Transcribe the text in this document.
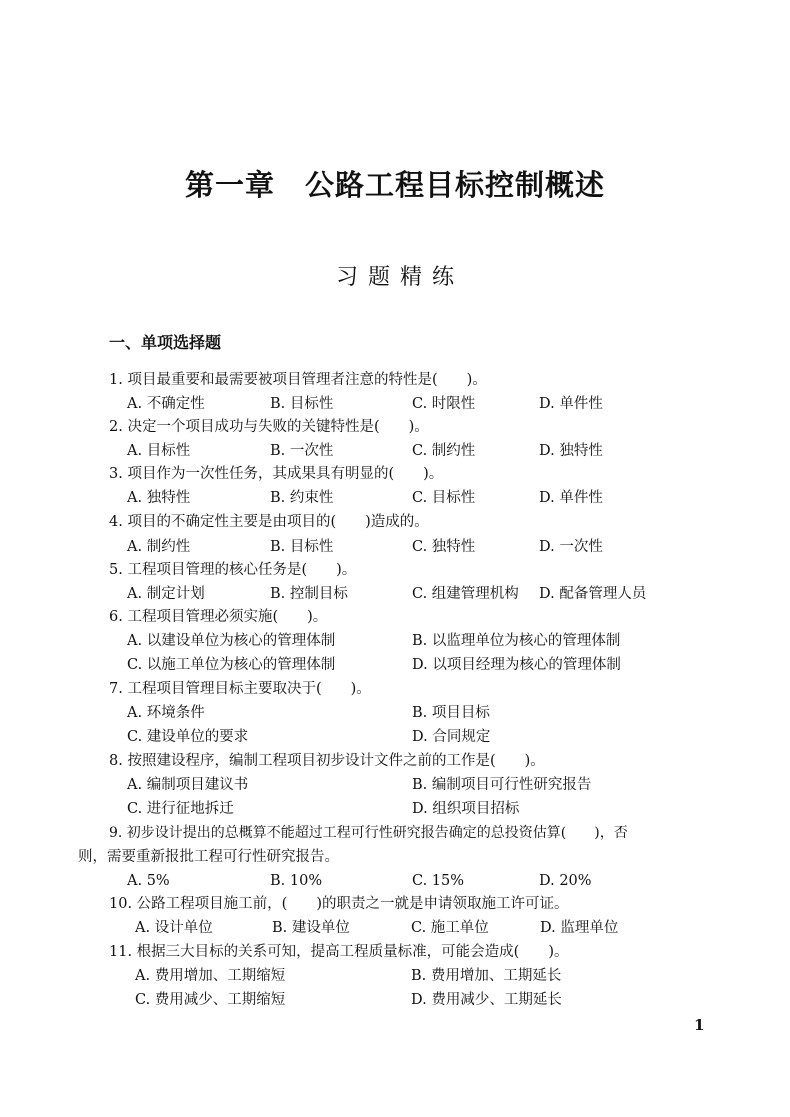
第一章　公路工程目标控制概述
习题精练
一、单项选择题
1. 项目最重要和最需要被项目管理者注意的特性是(　　)。
A. 不确定性	B. 目标性	C. 时限性	D. 单件性
2. 决定一个项目成功与失败的关键特性是(　　)。
A. 目标性	B. 一次性	C. 制约性	D. 独特性
3. 项目作为一次性任务，其成果具有明显的(　　)。
A. 独特性	B. 约束性	C. 目标性	D. 单件性
4. 项目的不确定性主要是由项目的(　　)造成的。
A. 制约性	B. 目标性	C. 独特性	D. 一次性
5. 工程项目管理的核心任务是(　　)。
A. 制定计划	B. 控制目标	C. 组建管理机构 D. 配备管理人员
6. 工程项目管理必须实施(　　)。
A. 以建设单位为核心的管理体制	B. 以监理单位为核心的管理体制
C. 以施工单位为核心的管理体制	D. 以项目经理为核心的管理体制
7. 工程项目管理目标主要取决于(　　)。
A. 环境条件	B. 项目目标
C. 建设单位的要求	D. 合同规定
8. 按照建设程序，编制工程项目初步设计文件之前的工作是(　　)。
A. 编制项目建议书	B. 编制项目可行性研究报告
C. 进行征地拆迁	D. 组织项目招标
9. 初步设计提出的总概算不能超过工程可行性研究报告确定的总投资估算(　　)，否
则，需要重新报批工程可行性研究报告。
A. 5%	B. 10%	C. 15%	D. 20%
10. 公路工程项目施工前，(　　)的职责之一就是申请领取施工许可证。
A. 设计单位	B. 建设单位	C. 施工单位	D. 监理单位
11. 根据三大目标的关系可知，提高工程质量标准，可能会造成(　　)。
A. 费用增加、工期缩短	B. 费用增加、工期延长
C. 费用减少、工期缩短	D. 费用减少、工期延长
1
